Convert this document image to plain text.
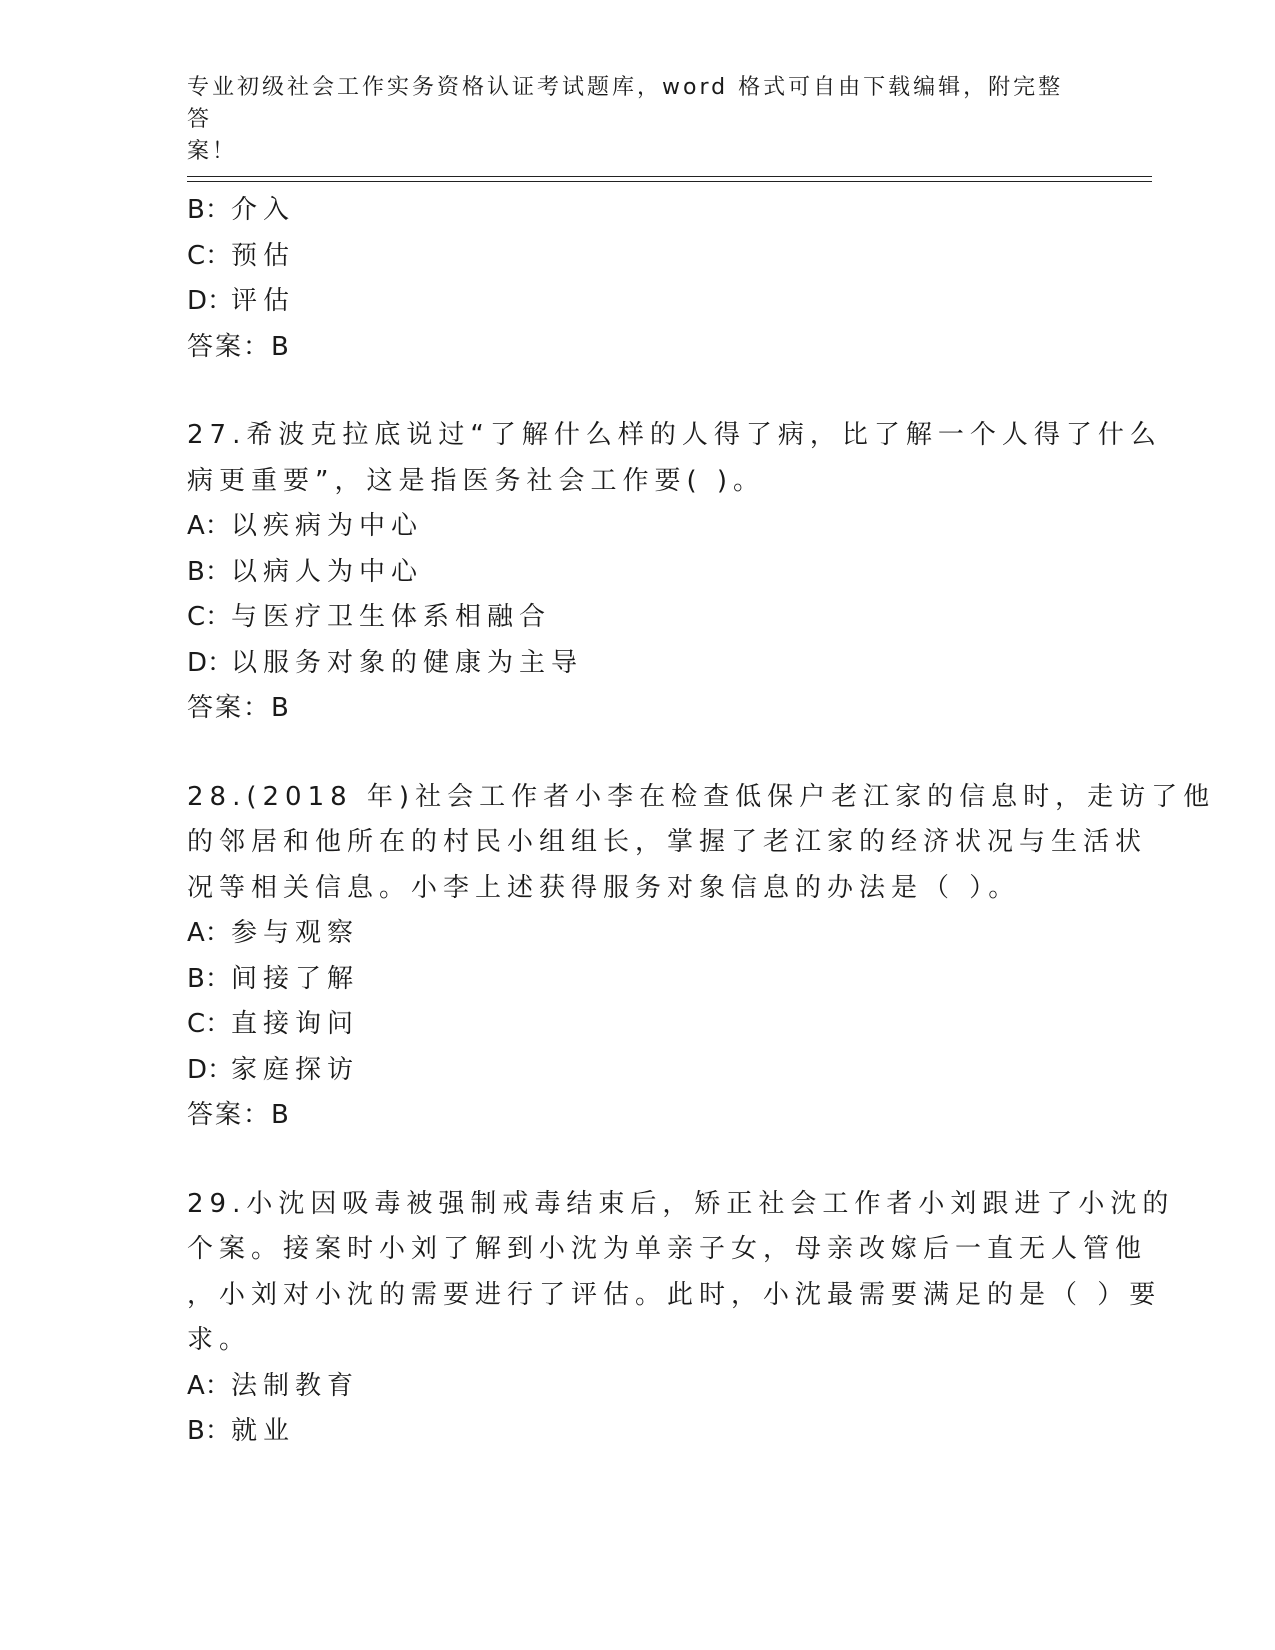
专业初级社会工作实务资格认证考试题库，word 格式可自由下载编辑，附完整答
案！
B：介入
C：预估
D：评估
答案：B
27.希波克拉底说过“了解什么样的人得了病，比了解一个人得了什么
病更重要”，这是指医务社会工作要( )。
A：以疾病为中心
B：以病人为中心
C：与医疗卫生体系相融合
D：以服务对象的健康为主导
答案：B
28.(2018 年)社会工作者小李在检查低保户老江家的信息时，走访了他
的邻居和他所在的村民小组组长，掌握了老江家的经济状况与生活状
况等相关信息。小李上述获得服务对象信息的办法是（ ）。
A：参与观察
B：间接了解
C：直接询问
D：家庭探访
答案：B
29.小沈因吸毒被强制戒毒结束后，矫正社会工作者小刘跟进了小沈的
个案。接案时小刘了解到小沈为单亲子女，母亲改嫁后一直无人管他
，小刘对小沈的需要进行了评估。此时，小沈最需要满足的是（ ）要
求。
A：法制教育
B：就业
